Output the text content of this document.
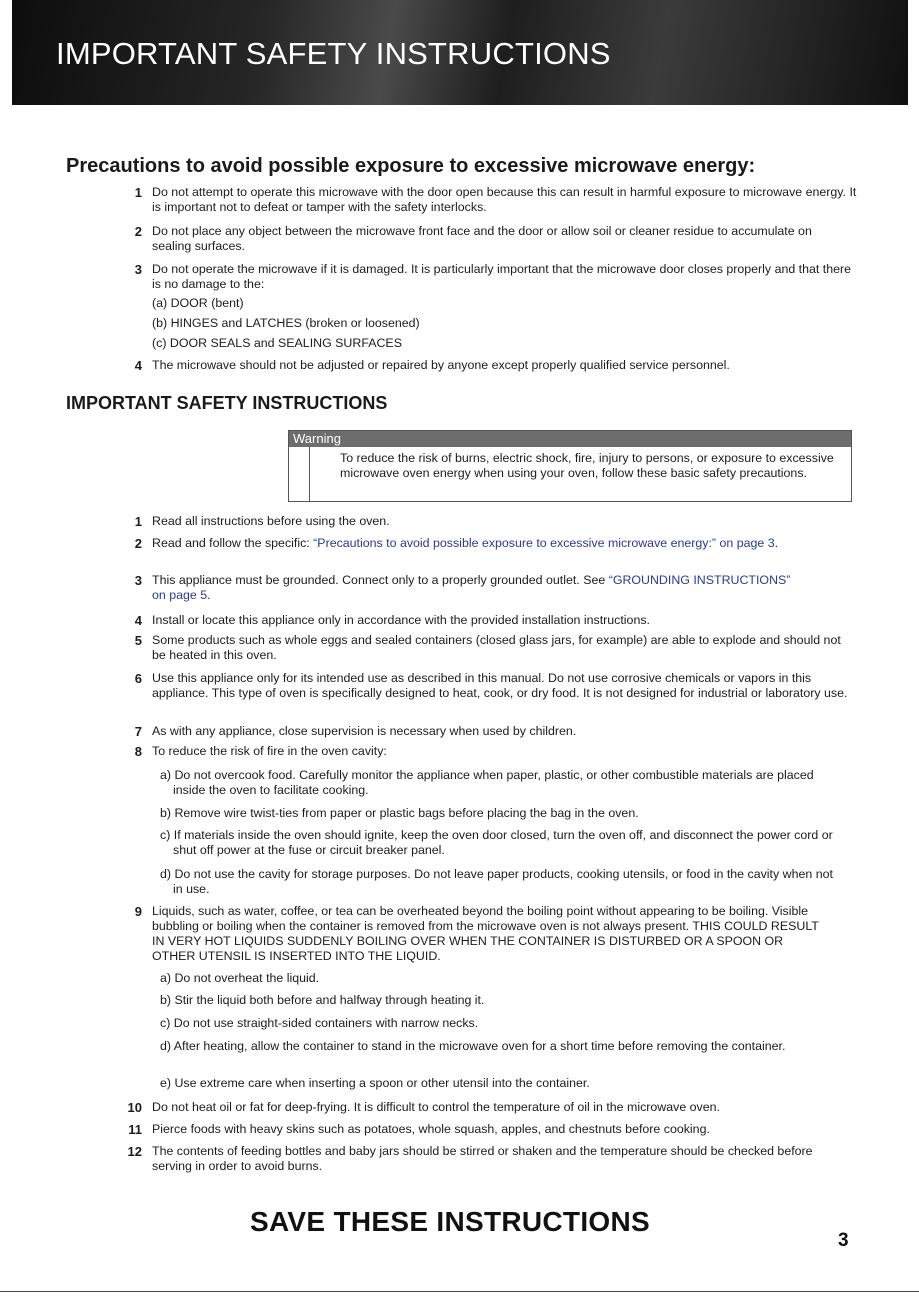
IMPORTANT SAFETY INSTRUCTIONS
Precautions to avoid possible exposure to excessive microwave energy:
1 Do not attempt to operate this microwave with the door open because this can result in harmful exposure to microwave energy. It is important not to defeat or tamper with the safety interlocks.
2 Do not place any object between the microwave front face and the door or allow soil or cleaner residue to accumulate on sealing surfaces.
3 Do not operate the microwave if it is damaged. It is particularly important that the microwave door closes properly and that there is no damage to the:
(a) DOOR (bent)
(b) HINGES and LATCHES (broken or loosened)
(c) DOOR SEALS and SEALING SURFACES
4 The microwave should not be adjusted or repaired by anyone except properly qualified service personnel.
IMPORTANT SAFETY INSTRUCTIONS
Warning
To reduce the risk of burns, electric shock, fire, injury to persons, or exposure to excessive microwave oven energy when using your oven, follow these basic safety precautions.
1 Read all instructions before using the oven.
2 Read and follow the specific: “Precautions to avoid possible exposure to excessive microwave energy:” on page 3.
3 This appliance must be grounded. Connect only to a properly grounded outlet. See “GROUNDING INSTRUCTIONS” on page 5.
4 Install or locate this appliance only in accordance with the provided installation instructions.
5 Some products such as whole eggs and sealed containers (closed glass jars, for example) are able to explode and should not be heated in this oven.
6 Use this appliance only for its intended use as described in this manual. Do not use corrosive chemicals or vapors in this appliance. This type of oven is specifically designed to heat, cook, or dry food. It is not designed for industrial or laboratory use.
7 As with any appliance, close supervision is necessary when used by children.
8 To reduce the risk of fire in the oven cavity:
a) Do not overcook food. Carefully monitor the appliance when paper, plastic, or other combustible materials are placed inside the oven to facilitate cooking.
b) Remove wire twist-ties from paper or plastic bags before placing the bag in the oven.
c) If materials inside the oven should ignite, keep the oven door closed, turn the oven off, and disconnect the power cord or shut off power at the fuse or circuit breaker panel.
d) Do not use the cavity for storage purposes. Do not leave paper products, cooking utensils, or food in the cavity when not in use.
9 Liquids, such as water, coffee, or tea can be overheated beyond the boiling point without appearing to be boiling. Visible bubbling or boiling when the container is removed from the microwave oven is not always present. THIS COULD RESULT IN VERY HOT LIQUIDS SUDDENLY BOILING OVER WHEN THE CONTAINER IS DISTURBED OR A SPOON OR OTHER UTENSIL IS INSERTED INTO THE LIQUID.
a) Do not overheat the liquid.
b) Stir the liquid both before and halfway through heating it.
c) Do not use straight-sided containers with narrow necks.
d) After heating, allow the container to stand in the microwave oven for a short time before removing the container.
e) Use extreme care when inserting a spoon or other utensil into the container.
10 Do not heat oil or fat for deep-frying. It is difficult to control the temperature of oil in the microwave oven.
11 Pierce foods with heavy skins such as potatoes, whole squash, apples, and chestnuts before cooking.
12 The contents of feeding bottles and baby jars should be stirred or shaken and the temperature should be checked before serving in order to avoid burns.
SAVE THESE INSTRUCTIONS
3
